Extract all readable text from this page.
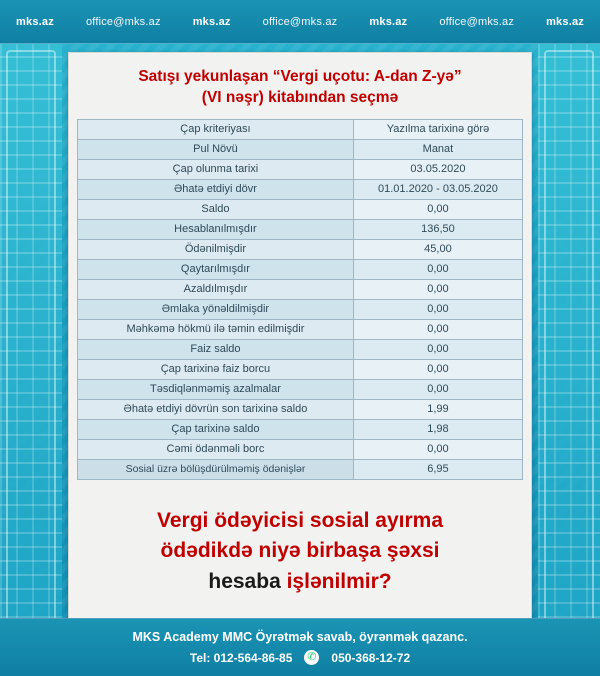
mks.az	office@mks.az	mks.az	office@mks.az	mks.az	office@mks.az	mks.az
Satışı yekunlaşan “Vergi uçotu: A-dan Z-yə”
(VI nəşr) kitabından seçmə
Çap kriteriyası	Yazılma tarixinə görə
Pul Növü	Manat
Çap olunma tarixi	03.05.2020
Əhatə etdiyi dövr	01.01.2020 - 03.05.2020
Saldo	0,00
Hesablanılmışdır	136,50
Ödənilmişdir	45,00
Qaytarılmışdır	0,00
Azaldılmışdır	0,00
Əmlaka yönəldilmişdir	0,00
Məhkəmə hökmü ilə təmin edilmişdir	0,00
Faiz saldo	0,00
Çap tarixinə faiz borcu	0,00
Təsdiqlənməmiş azalmalar	0,00
Əhatə etdiyi dövrün son tarixinə saldo	1,99
Çap tarixinə saldo	1,98
Cəmi ödənməli borc	0,00
Sosial üzrə bölüşdürülməmiş ödənişlər	6,95
Vergi ödəyicisi sosial ayırma
ödədikdə niyə birbaşa şəxsi
hesaba işlənilmir?
MKS Academy MMC Öyrətmək savab, öyrənmək qazanc.
Tel: 012-564-86-85 ✆ 050-368-12-72
